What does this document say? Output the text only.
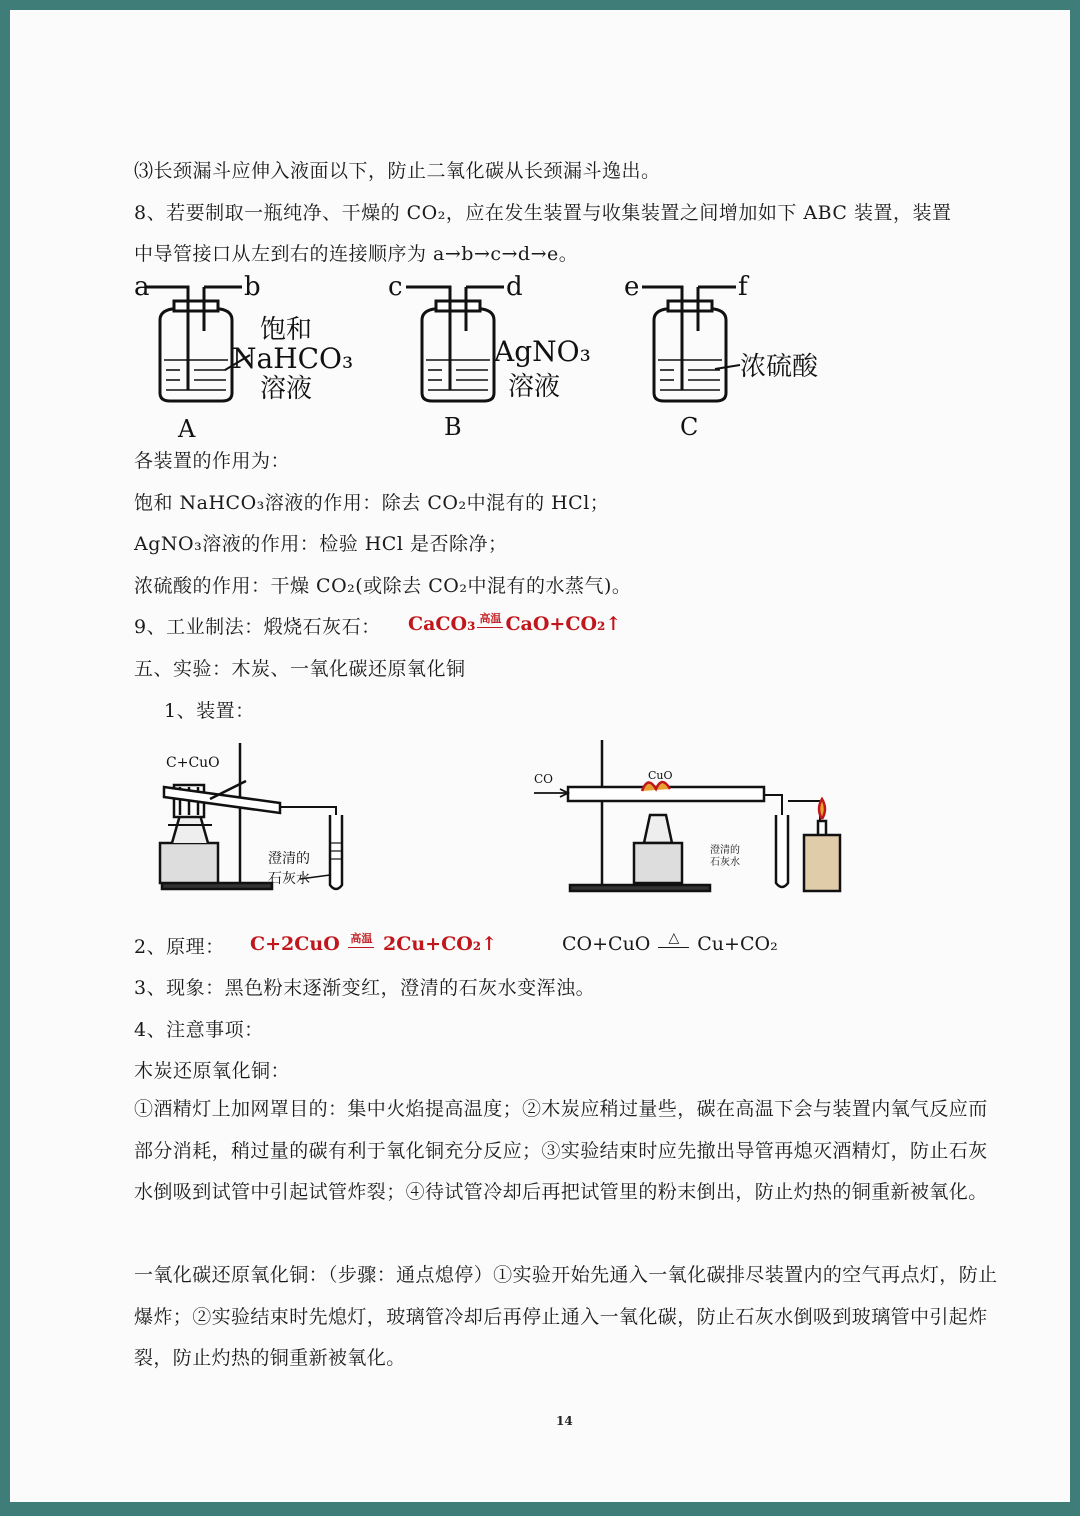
⑶长颈漏斗应伸入液面以下，防止二氧化碳从长颈漏斗逸出。
8、若要制取一瓶纯净、干燥的 CO₂，应在发生装置与收集装置之间增加如下 ABC 装置，装置
中导管接口从左到右的连接顺序为 a→b→c→d→e。
a	b
饱和
NaHCO₃
溶液
A
c	d
AgNO₃
溶液
B
e	f
浓硫酸
C
各装置的作用为：
饱和 NaHCO₃溶液的作用：除去 CO₂中混有的 HCl；
AgNO₃溶液的作用：检验 HCl 是否除净；
浓硫酸的作用：干燥 CO₂(或除去 CO₂中混有的水蒸气)。
9、工业制法：煅烧石灰石： CaCO₃ 高温 CaO+CO₂↑
五、实验：木炭、一氧化碳还原氧化铜
1、装置：
C+CuO
澄清的
石灰水
CO	CuO
澄清的
石灰水
2、原理： C+2CuO 高温 2Cu+CO₂↑	CO+CuO △ Cu+CO₂
3、现象：黑色粉末逐渐变红，澄清的石灰水变浑浊。
4、注意事项：
木炭还原氧化铜：
①酒精灯上加网罩目的：集中火焰提高温度；②木炭应稍过量些，碳在高温下会与装置内氧气反应而部分消耗，稍过量的碳有利于氧化铜充分反应；③实验结束时应先撤出导管再熄灭酒精灯，防止石灰水倒吸到试管中引起试管炸裂；④待试管冷却后再把试管里的粉末倒出，防止灼热的铜重新被氧化。
一氧化碳还原氧化铜：（步骤：通点熄停）①实验开始先通入一氧化碳排尽装置内的空气再点灯，防止爆炸；②实验结束时先熄灯，玻璃管冷却后再停止通入一氧化碳，防止石灰水倒吸到玻璃管中引起炸裂，防止灼热的铜重新被氧化。
14
